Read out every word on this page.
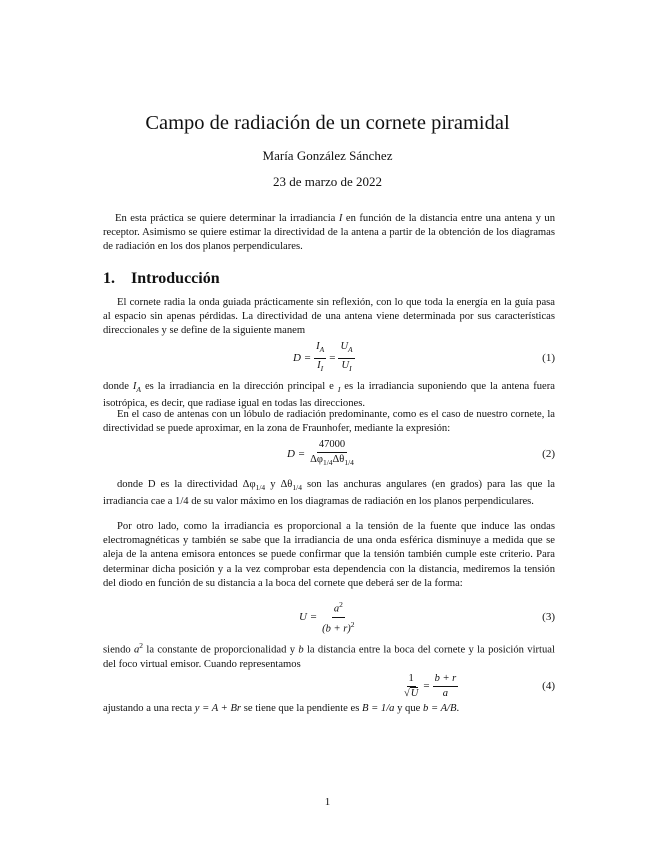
Campo de radiación de un cornete piramidal
María González Sánchez
23 de marzo de 2022
En esta práctica se quiere determinar la irradiancia I en función de la distancia entre una antena y un receptor. Asimismo se quiere estimar la directividad de la antena a partir de la obtención de los diagramas de radiación en los dos planos perpendiculares.
1. Introducción
El cornete radia la onda guiada prácticamente sin reflexión, con lo que toda la energía en la guía pasa al espacio sin apenas pérdidas. La directividad de una antena viene determinada por sus características direccionales y se define de la siguiente manem
$D = \frac{I_A}{I_I} = \frac{U_A}{U_I}$	(1)
donde $I_A$ es la irradiancia en la dirección principal e $_I$ es la irradiancia suponiendo que la antena fuera isotrópica, es decir, que radiase igual en todas las direcciones.
En el caso de antenas con un lóbulo de radiación predominante, como es el caso de nuestro cornete, la directividad se puede aproximar, en la zona de Fraunhofer, mediante la expresión:
$D = \frac{47000}{\Delta\varphi_{1/4}\Delta\theta_{1/4}}$	(2)
donde D es la directividad $\Delta\varphi_{1/4}$ y $\Delta\theta_{1/4}$ son las anchuras angulares (en grados) para las que la irradiancia cae a 1/4 de su valor máximo en los diagramas de radiación en los planos perpendiculares.
Por otro lado, como la irradiancia es proporcional a la tensión de la fuente que induce las ondas electromagnéticas y también se sabe que la irradiancia de una onda esférica disminuye a medida que se aleja de la antena emisora entonces se puede confirmar que la tensión también cumple este criterio. Para determinar dicha posición y a la vez comprobar esta dependencia con la distancia, mediremos la tensión del diodo en función de su distancia a la boca del cornete que deberá ser de la forma:
$U = \frac{a^2}{(b + r)^2}$	(3)
siendo $a^2$ la constante de proporcionalidad y b la distancia entre la boca del cornete y la posición virtual del foco virtual emisor. Cuando representamos
$\frac{1}{√U} = \frac{b + r}{a}$	(4)
ajustando a una recta y = A + Br se tiene que la pendiente es B = 1/a y que b = A/B.
1
